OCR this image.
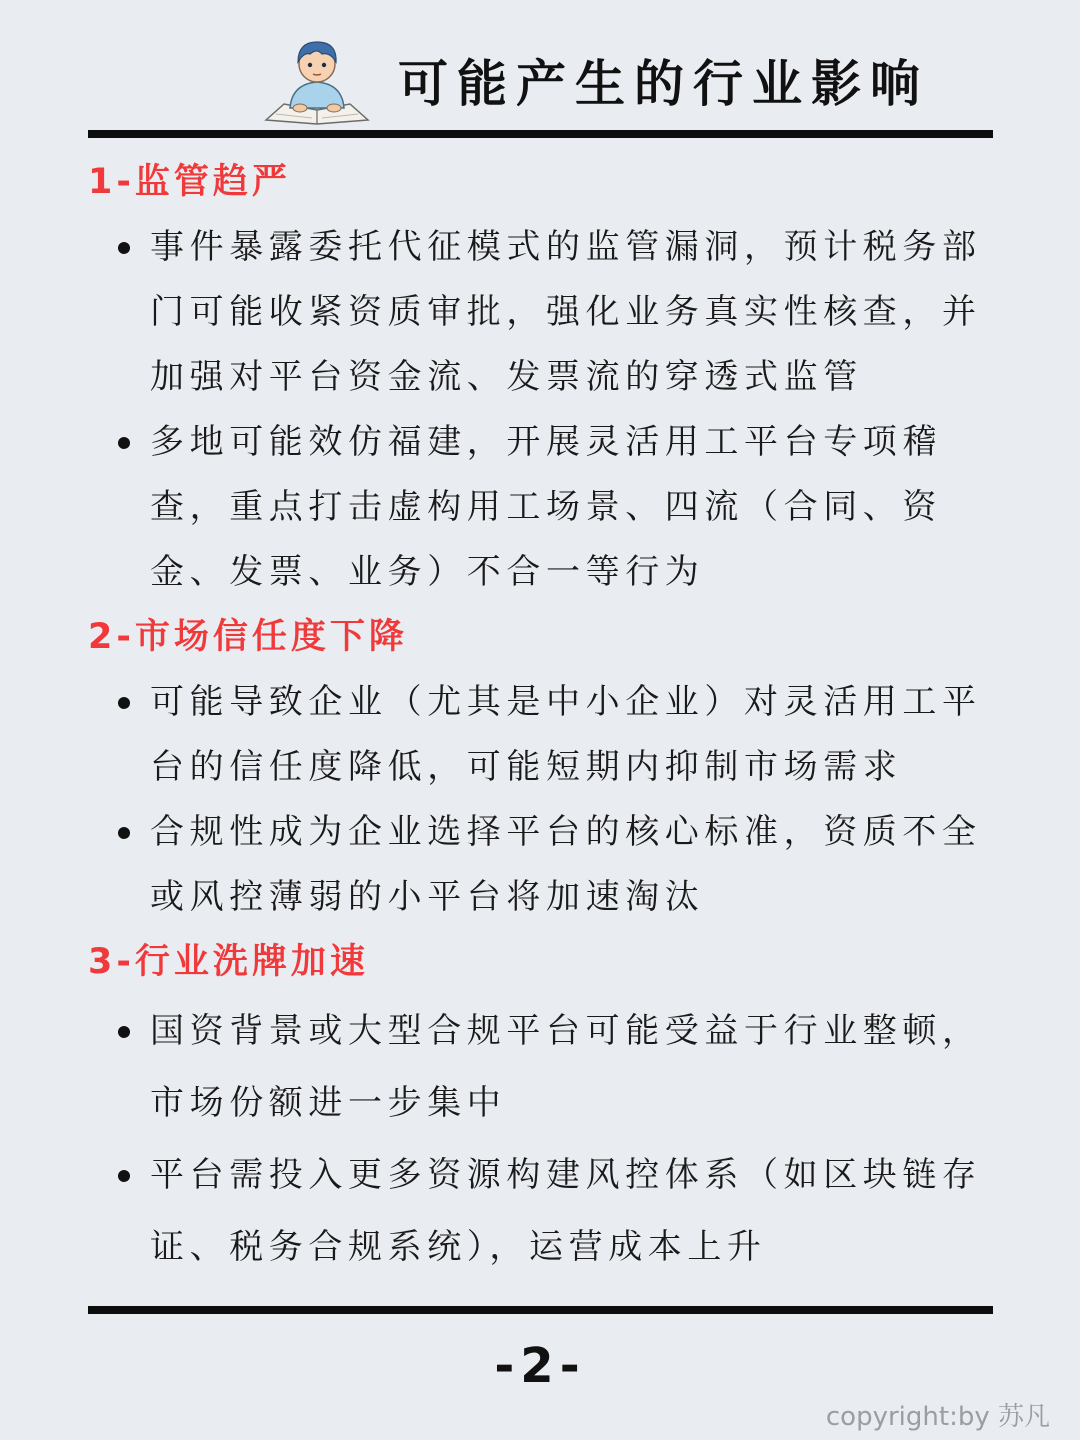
可能产生的行业影响
1-监管趋严
事件暴露委托代征模式的监管漏洞，预计税务部门可能收紧资质审批，强化业务真实性核查，并加强对平台资金流、发票流的穿透式监管
多地可能效仿福建，开展灵活用工平台专项稽查，重点打击虚构用工场景、四流（合同、资金、发票、业务）不合一等行为
2-市场信任度下降
可能导致企业（尤其是中小企业）对灵活用工平台的信任度降低，可能短期内抑制市场需求
合规性成为企业选择平台的核心标准，资质不全或风控薄弱的小平台将加速淘汰
3-行业洗牌加速
国资背景或大型合规平台可能受益于行业整顿，市场份额进一步集中
平台需投入更多资源构建风控体系（如区块链存证、税务合规系统），运营成本上升
-2-
copyright:by 苏凡
